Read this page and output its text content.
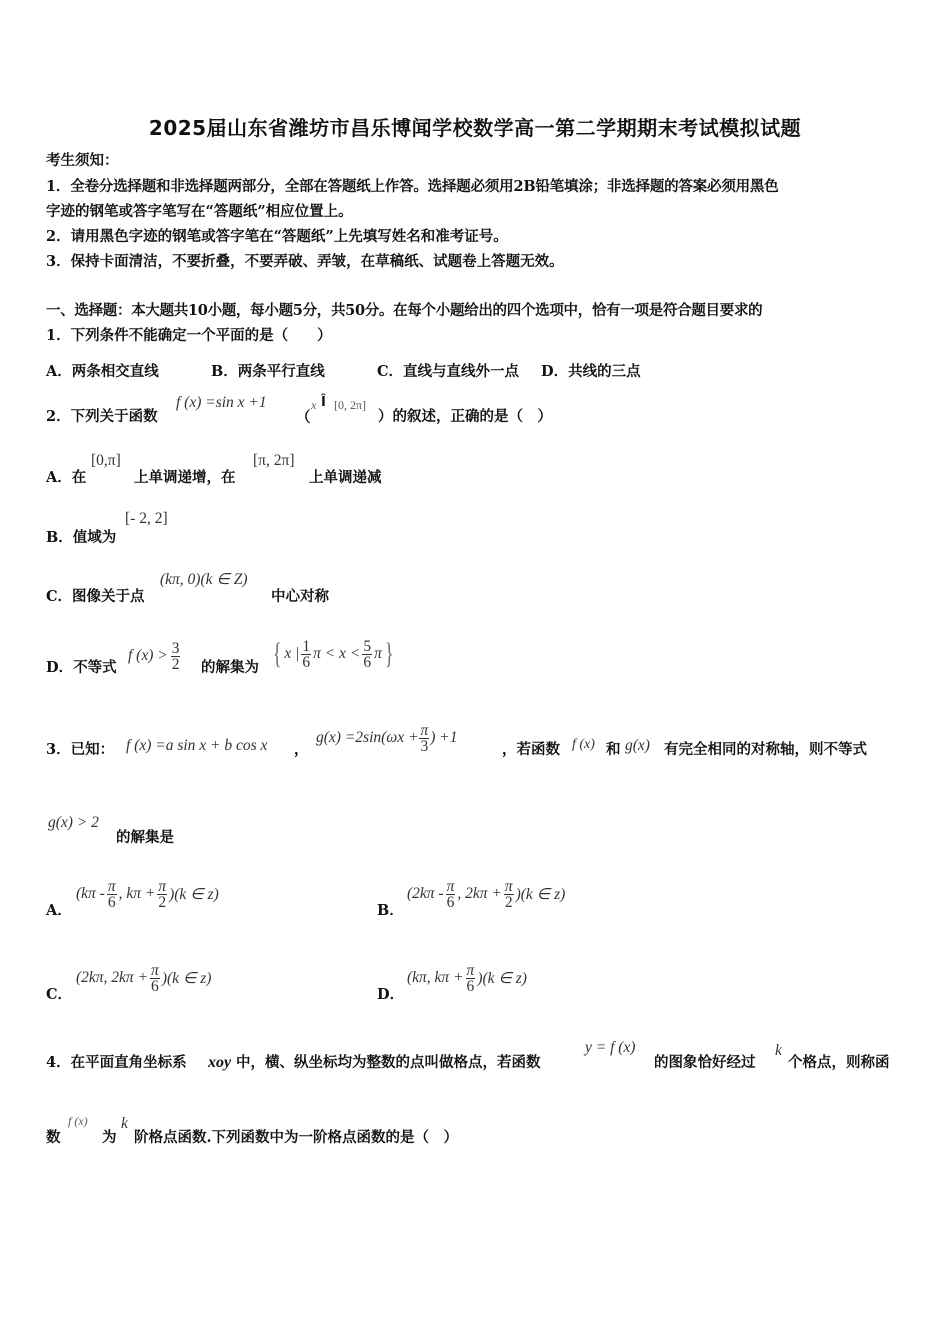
2025届山东省潍坊市昌乐博闻学校数学高一第二学期期末考试模拟试题
考生须知：
1．全卷分选择题和非选择题两部分，全部在答题纸上作答。选择题必须用2B铅笔填涂；非选择题的答案必须用黑色
字迹的钢笔或答字笔写在“答题纸”相应位置上。
2．请用黑色字迹的钢笔或答字笔在“答题纸”上先填写姓名和准考证号。
3．保持卡面清洁，不要折叠，不要弄破、弄皱，在草稿纸、试题卷上答题无效。
一、选择题：本大题共10小题，每小题5分，共50分。在每个小题给出的四个选项中，恰有一项是符合题目要求的
1．下列条件不能确定一个平面的是（　　）
A．两条相交直线	B．两条平行直线	C．直线与直线外一点 D．共线的三点
2．下列关于函数
f (x) =sin x +1
（
x Î [0, 2π]
）的叙述，正确的是（　）
A．在
[0,π]
上单调递增，在
[π, 2π]
上单调递减
B．值域为
[- 2, 2]
C．图像关于点
(kπ, 0)(k ∈ Z)
中心对称
D．不等式
f $(x) > \frac{3}{2}$ 的解集为 { x | $\frac{1}{6}$ $\pi < x < \frac{5}{6}$ π }
3．已知： f (x) =a sin x + b cos x ，
$g(x) =2\sin(\omega x + \frac{\pi}{3}$ ) +1
，若函数 f (x) 和 g(x) 有完全相同的对称轴，则不等式
g(x) > 2
的解集是
A．
($k\pi - \frac{\pi}{6}$ , $k\pi + \frac{\pi}{2} )(k$ ∈ z)
B．
($2k\pi - \frac{\pi}{6}$ , $2k\pi + \frac{\pi}{2} )(k$ ∈ z)
C．
(2kπ, $2k\pi + \frac{\pi}{6} )(k$ ∈ z)
D．
(kπ, $k\pi + \frac{\pi}{6} )(k$ ∈ z)
4．在平面直角坐标系 xoy 中，横、纵坐标均为整数的点叫做格点，若函数
y = f (x)
的图象恰好经过
k
个格点，则称函
数
f (x)
为
k
阶格点函数.下列函数中为一阶格点函数的是（　）
